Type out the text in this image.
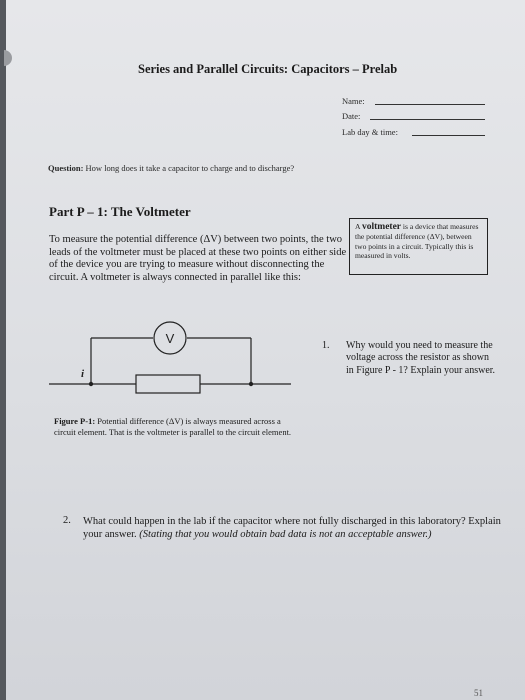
Series and Parallel Circuits: Capacitors – Prelab
Name:
Date:
Lab day & time:
Question: How long does it take a capacitor to charge and to discharge?
Part P – 1: The Voltmeter
To measure the potential difference (ΔV) between two points, the two leads of the voltmeter must be placed at these two points on either side of the device you are trying to measure without disconnecting the circuit. A voltmeter is always connected in parallel like this:
A voltmeter is a device that measures the potential difference (ΔV), between two points in a circuit. Typically this is measured in volts.
V
i
Figure P-1: Potential difference (ΔV) is always measured across a circuit element. That is the voltmeter is parallel to the circuit element.
1. Why would you need to measure the voltage across the resistor as shown in Figure P - 1? Explain your answer.
2. What could happen in the lab if the capacitor where not fully discharged in this laboratory? Explain your answer. (Stating that you would obtain bad data is not an acceptable answer.)
51
